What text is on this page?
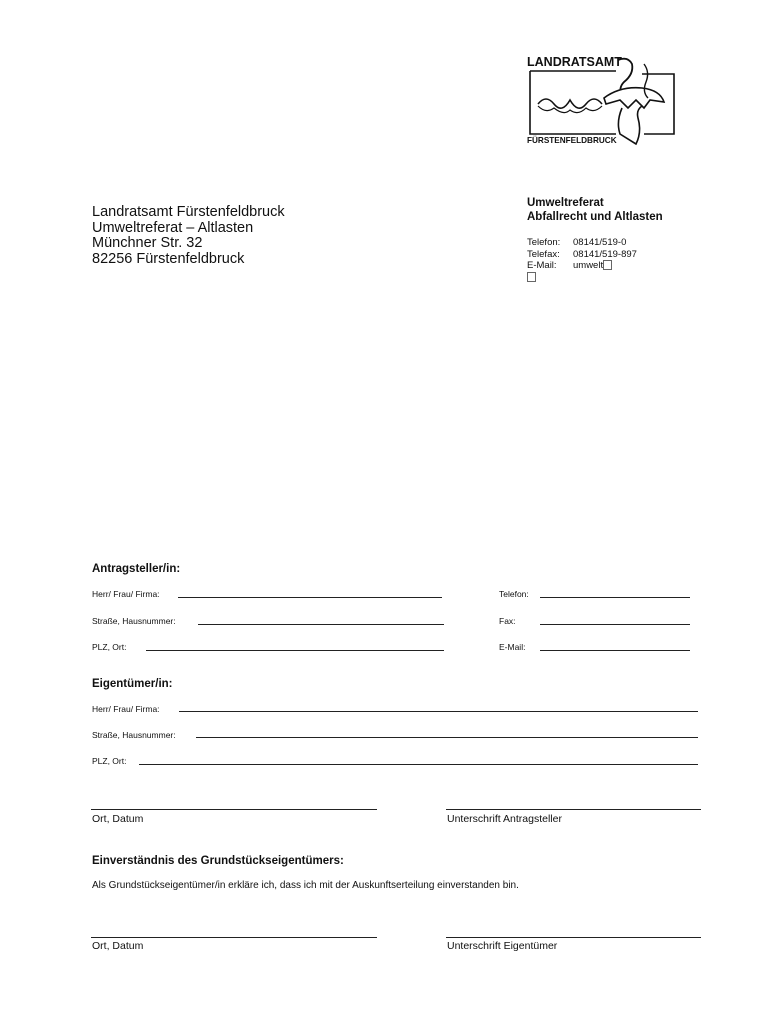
LANDRATSAMT
FÜRSTENFELDBRUCK
Landratsamt Fürstenfeldbruck
Umweltreferat – Altlasten
Münchner Str. 32
82256 Fürstenfeldbruck
Umweltreferat
Abfallrecht und Altlasten
Telefon:	08141/519-0
Telefax:	08141/519-897
E-Mail:	umwelt
Antragsteller/in:
Herr/ Frau/ Firma:	Telefon:
Straße, Hausnummer:	Fax:
PLZ, Ort:	E-Mail:
Eigentümer/in:
Herr/ Frau/ Firma:
Straße, Hausnummer:
PLZ, Ort:
Ort, Datum	Unterschrift Antragsteller
Einverständnis des Grundstückseigentümers:
Als Grundstückseigentümer/in erkläre ich, dass ich mit der Auskunftserteilung einverstanden bin.
Ort, Datum	Unterschrift Eigentümer
